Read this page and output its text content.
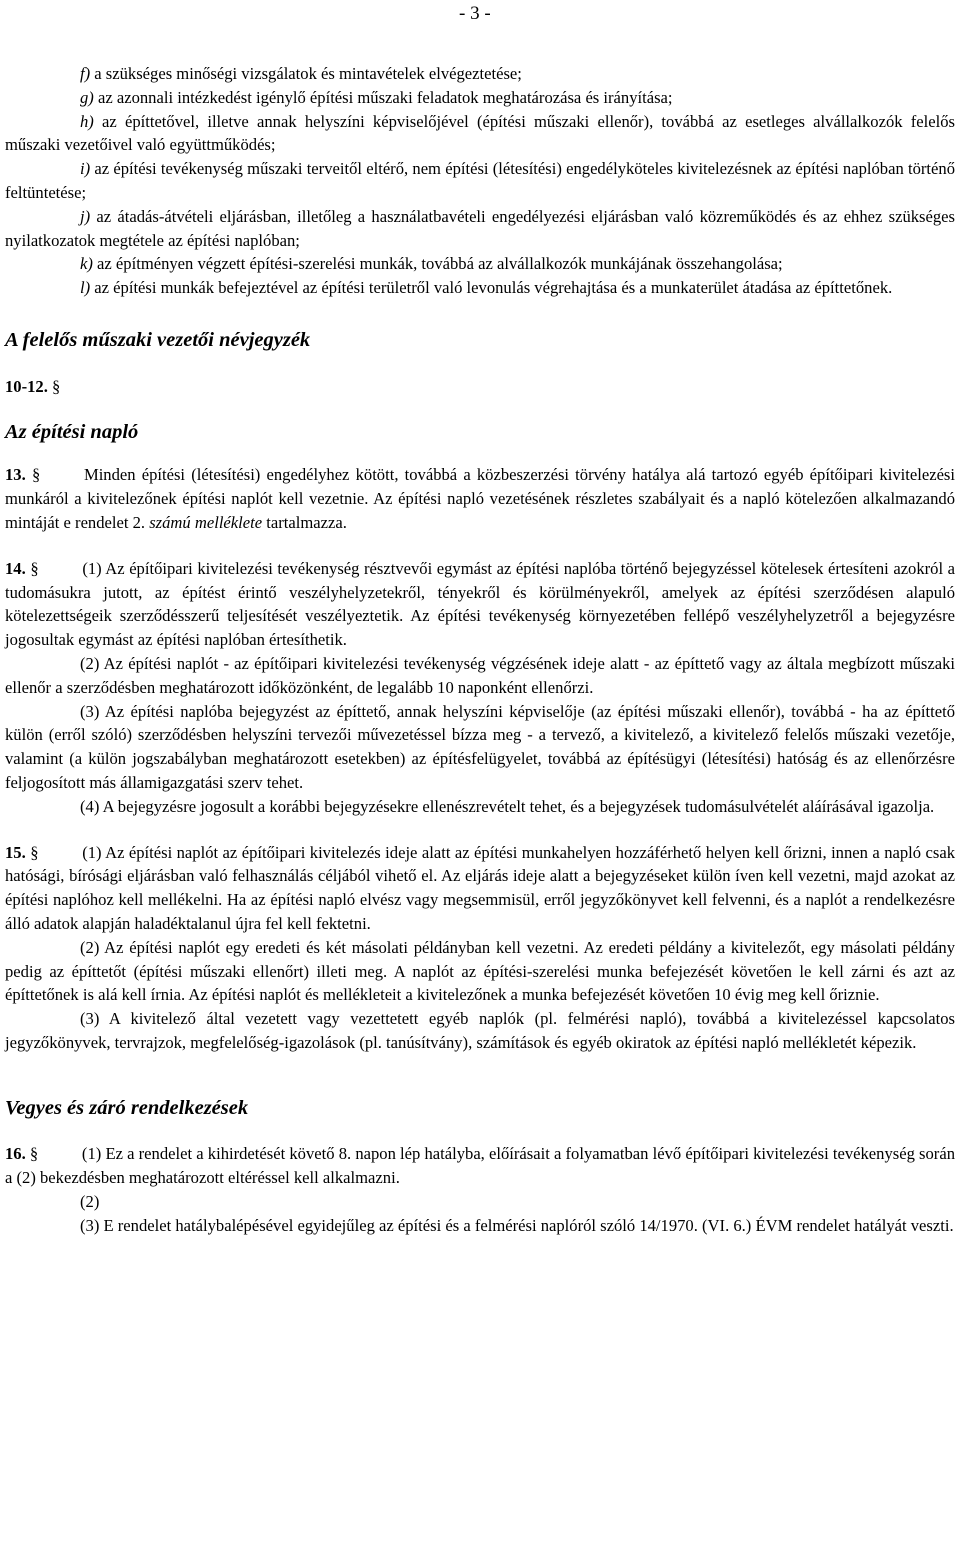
- 3 -

f) a szükséges minőségi vizsgálatok és mintavételek elvégeztetése;

g) az azonnali intézkedést igénylő építési műszaki feladatok meghatározása és irányítása;

h) az építtetővel, illetve annak helyszíni képviselőjével (építési műszaki ellenőr), továbbá az esetleges alvállalkozók felelős műszaki vezetőivel való együttműködés;

i) az építési tevékenység műszaki terveitől eltérő, nem építési (létesítési) engedélyköteles kivitelezésnek az építési naplóban történő feltüntetése;

j) az átadás-átvételi eljárásban, illetőleg a használatbavételi engedélyezési eljárásban való közreműködés és az ehhez szükséges nyilatkozatok megtétele az építési naplóban;

k) az építményen végzett építési-szerelési munkák, továbbá az alvállalkozók munkájának összehangolása;

l) az építési munkák befejeztével az építési területről való levonulás végrehajtása és a munkaterület átadása az építtetőnek.

A felelős műszaki vezetői névjegyzék

10-12. §

Az építési napló

13. §	Minden építési (létesítési) engedélyhez kötött, továbbá a közbeszerzési törvény hatálya alá tartozó egyéb építőipari kivitelezési munkáról a kivitelezőnek építési naplót kell vezetnie. Az építési napló vezetésének részletes szabályait és a napló kötelezően alkalmazandó mintáját e rendelet 2. számú melléklete tartalmazza.

14. §	(1) Az építőipari kivitelezési tevékenység résztvevői egymást az építési naplóba történő bejegyzéssel kötelesek értesíteni azokról a tudomásukra jutott, az építést érintő veszélyhelyzetekről, tényekről és körülményekről, amelyek az építési szerződésen alapuló kötelezettségeik szerződésszerű teljesítését veszélyeztetik. Az építési tevékenység környezetében fellépő veszélyhelyzetről a bejegyzésre jogosultak egymást az építési naplóban értesíthetik.

(2) Az építési naplót - az építőipari kivitelezési tevékenység végzésének ideje alatt - az építtető vagy az általa megbízott műszaki ellenőr a szerződésben meghatározott időközönként, de legalább 10 naponként ellenőrzi.

(3) Az építési naplóba bejegyzést az építtető, annak helyszíni képviselője (az építési műszaki ellenőr), továbbá - ha az építtető külön (erről szóló) szerződésben helyszíni tervezői művezetéssel bízza meg - a tervező, a kivitelező, a kivitelező felelős műszaki vezetője, valamint (a külön jogszabályban meghatározott esetekben) az építésfelügyelet, továbbá az építésügyi (létesítési) hatóság és az ellenőrzésre feljogosított más államigazgatási szerv tehet.

(4) A bejegyzésre jogosult a korábbi bejegyzésekre ellenészrevételt tehet, és a bejegyzések tudomásulvételét aláírásával igazolja.

15. §	(1) Az építési naplót az építőipari kivitelezés ideje alatt az építési munkahelyen hozzáférhető helyen kell őrizni, innen a napló csak hatósági, bírósági eljárásban való felhasználás céljából vihető el. Az eljárás ideje alatt a bejegyzéseket külön íven kell vezetni, majd azokat az építési naplóhoz kell mellékelni. Ha az építési napló elvész vagy megsemmisül, erről jegyzőkönyvet kell felvenni, és a naplót a rendelkezésre álló adatok alapján haladéktalanul újra fel kell fektetni.

(2) Az építési naplót egy eredeti és két másolati példányban kell vezetni. Az eredeti példány a kivitelezőt, egy másolati példány pedig az építtetőt (építési műszaki ellenőrt) illeti meg. A naplót az építési-szerelési munka befejezését követően le kell zárni és azt az építtetőnek is alá kell írnia. Az építési naplót és mellékleteit a kivitelezőnek a munka befejezését követően 10 évig meg kell őriznie.

(3) A kivitelező által vezetett vagy vezettetett egyéb naplók (pl. felmérési napló), továbbá a kivitelezéssel kapcsolatos jegyzőkönyvek, tervrajzok, megfelelőség-igazolások (pl. tanúsítvány), számítások és egyéb okiratok az építési napló mellékletét képezik.

Vegyes és záró rendelkezések

16. §	(1) Ez a rendelet a kihirdetését követő 8. napon lép hatályba, előírásait a folyamatban lévő építőipari kivitelezési tevékenység során a (2) bekezdésben meghatározott eltéréssel kell alkalmazni.

(2)

(3) E rendelet hatálybalépésével egyidejűleg az építési és a felmérési naplóról szóló 14/1970. (VI. 6.) ÉVM rendelet hatályát veszti.
